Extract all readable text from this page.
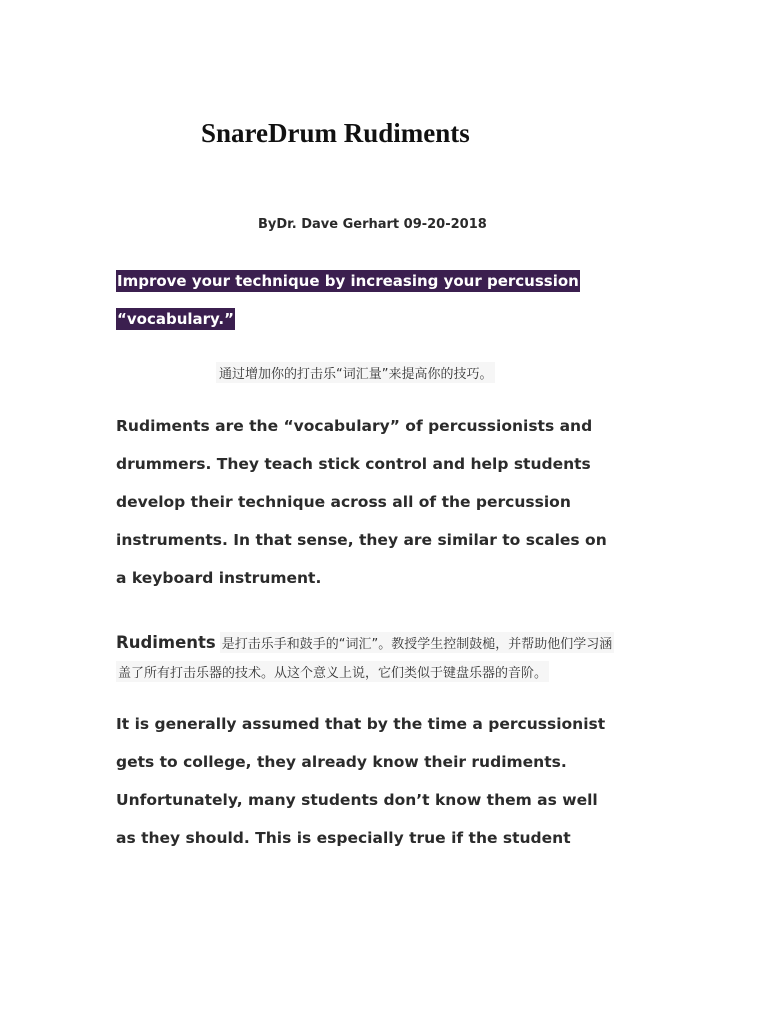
SnareDrum Rudiments
ByDr. Dave Gerhart 09-20-2018
Improve your technique by increasing your percussion
“vocabulary.”
通过增加你的打击乐“词汇量”来提高你的技巧。

Rudiments are the “vocabulary” of percussionists and
drummers. They teach stick control and help students
develop their technique across all of the percussion
instruments. In that sense, they are similar to scales on
a keyboard instrument.

Rudiments 是打击乐手和鼓手的“词汇”。教授学生控制鼓槌，并帮助他们学习涵
盖了所有打击乐器的技术。从这个意义上说，它们类似于键盘乐器的音阶。

It is generally assumed that by the time a percussionist
gets to college, they already know their rudiments.
Unfortunately, many students don’t know them as well
as they should. This is especially true if the student
